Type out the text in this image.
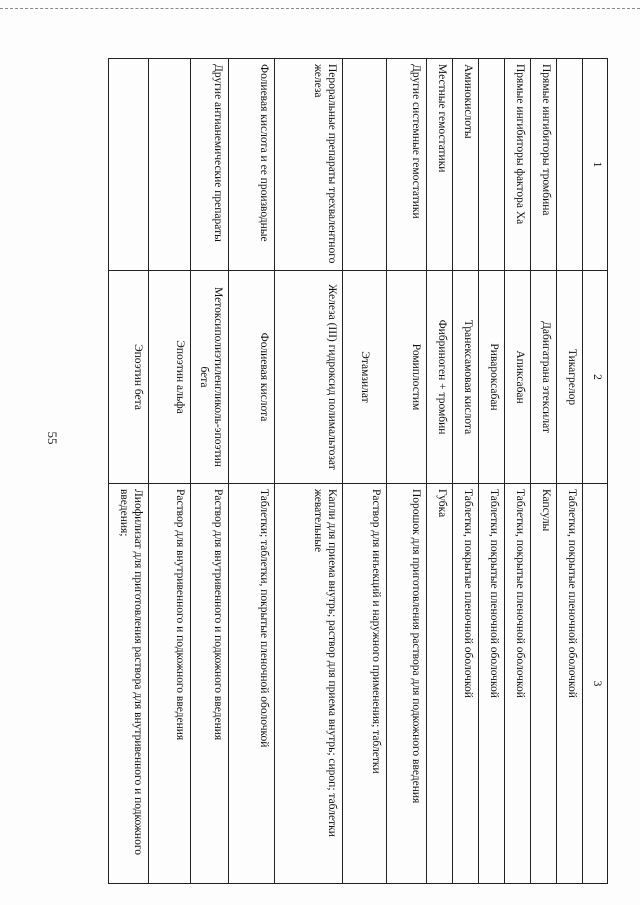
55
1	2	3
	Тикагрелор	Таблетки, покрытые пленочной оболочкой
Прямые ингибиторы тромбина	Дабигатрана этексилат	Капсулы
Прямые ингибиторы фактора Xa	Апиксабан	Таблетки, покрытые пленочной оболочкой
	Ривароксабан	Таблетки, покрытые пленочной оболочкой
Аминокислоты	Транексамовая кислота	Таблетки, покрытые пленочной оболочкой
Местные гемостатики	Фибриноген + тромбин	Губка
Другие системные гемостатики	Ромиплостим	Порошок для приготовления раствора для подкожного введения
	Этамзилат	Раствор для инъекций и наружного применения; таблетки
Пероральные препараты трехвалентного железа	Железа (III) гидроксид полимальтозат	Капли для приема внутрь; раствор для приема внутрь; сироп; таблетки жевательные
Фолиевая кислота и ее производные	Фолиевая кислота	Таблетки; таблетки, покрытые пленочной оболочкой
Другие антианемические препараты	Метоксиполиэтиленгликоль-эпоэтин бета	Раствор для внутривенного и подкожного введения
	Эпоэтин альфа	Раствор для внутривенного и подкожного введения
	Эпоэтин бета	Лиофилизат для приготовления раствора для внутривенного и подкожного введения;
